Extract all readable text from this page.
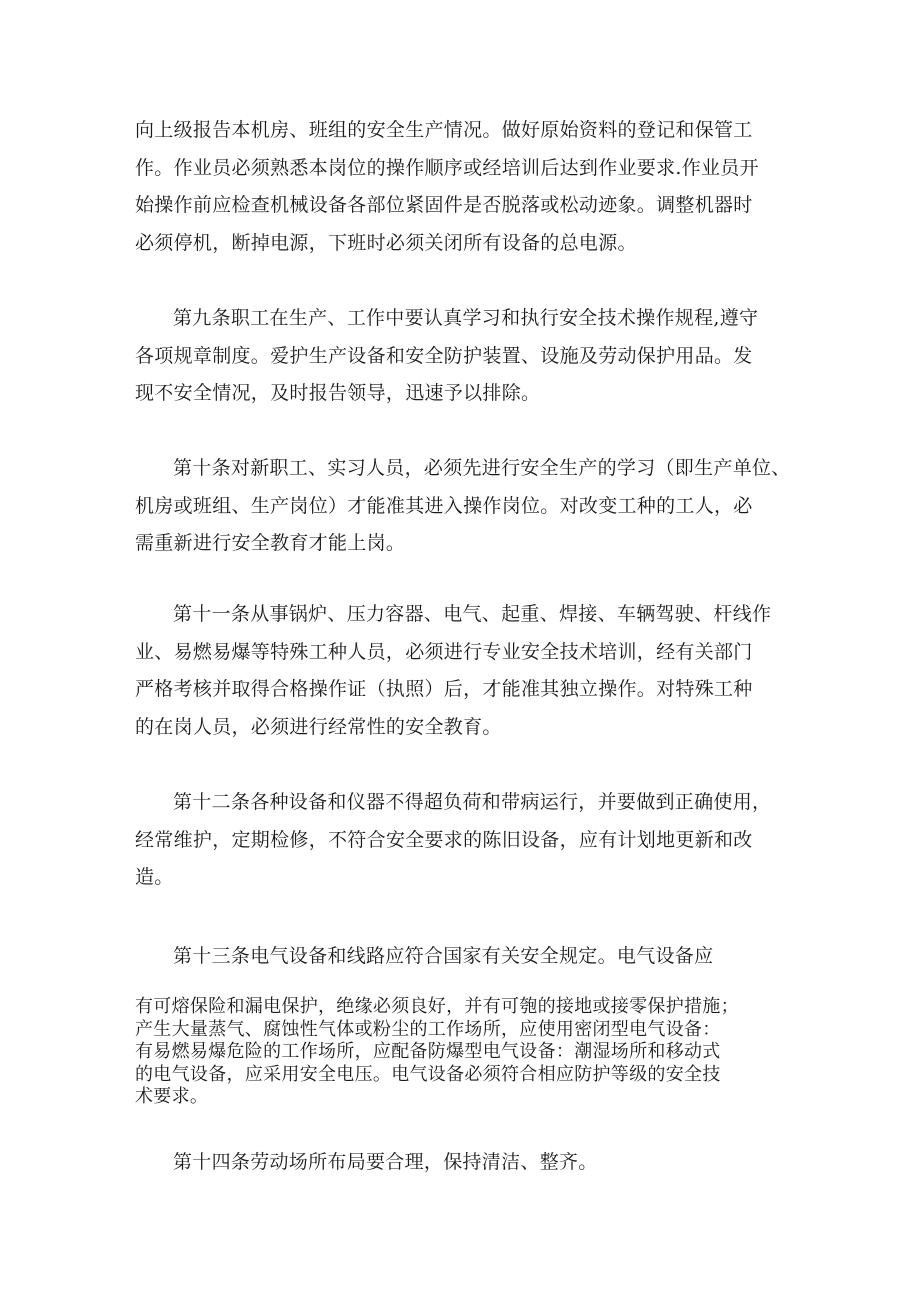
向上级报告本机房、班组的安全生产情况。做好原始资料的登记和保管工
作。作业员必须熟悉本岗位的操作顺序或经培训后达到作业要求.作业员开
始操作前应检查机械设备各部位紧固件是否脱落或松动迹象。调整机器时
必须停机，断掉电源，下班时必须关闭所有设备的总电源。

第九条职工在生产、工作中要认真学习和执行安全技术操作规程,遵守
各项规章制度。爱护生产设备和安全防护装置、设施及劳动保护用品。发
现不安全情况，及时报告领导，迅速予以排除。

第十条对新职工、实习人员，必须先进行安全生产的学习（即生产单位、
机房或班组、生产岗位）才能准其进入操作岗位。对改变工种的工人，必
需重新进行安全教育才能上岗。

第十一条从事锅炉、压力容器、电气、起重、焊接、车辆驾驶、杆线作
业、易燃易爆等特殊工种人员，必须进行专业安全技术培训，经有关部门
严格考核并取得合格操作证（执照）后，才能准其独立操作。对特殊工种
的在岗人员，必须进行经常性的安全教育。

第十二条各种设备和仪器不得超负荷和带病运行，并要做到正确使用，
经常维护，定期检修，不符合安全要求的陈旧设备，应有计划地更新和改
造。

第十三条电气设备和线路应符合国家有关安全规定。电气设备应

有可熔保险和漏电保护，绝缘必须良好，并有可匏的接地或接零保护措施；
产生大量蒸气、腐蚀性气体或粉尘的工作场所，应使用密闭型电气设备：
有易燃易爆危险的工作场所，应配备防爆型电气设备：潮湿场所和移动式
的电气设备，应采用安全电压。电气设备必须符合相应防护等级的安全技
术要求。

第十四条劳动场所布局要合理，保持清洁、整齐。
